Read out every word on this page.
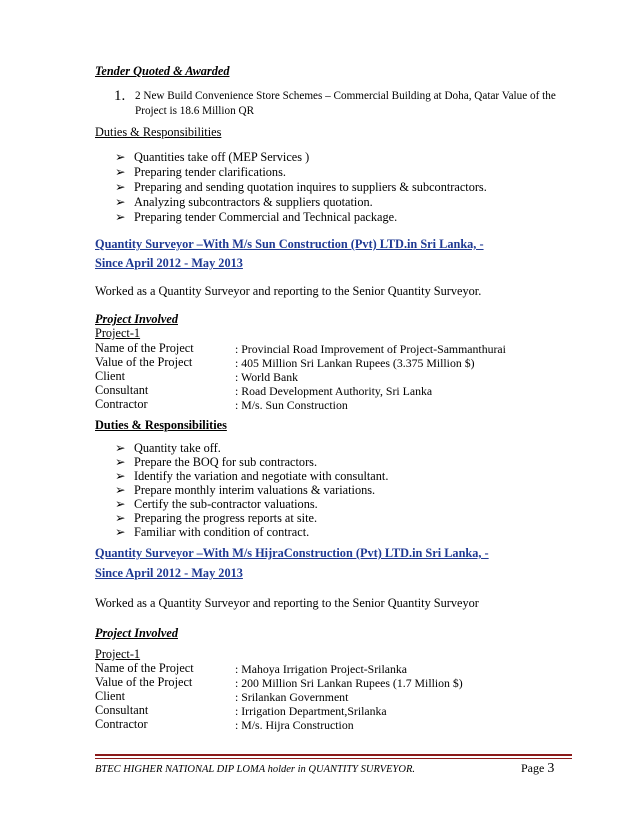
Tender Quoted & Awarded
1. 2 New Build Convenience Store Schemes – Commercial Building at Doha, Qatar Value of the
Project is 18.6 Million QR
Duties & Responsibilities
➢ Quantities take off (MEP Services )
➢ Preparing tender clarifications.
➢ Preparing and sending quotation inquires to suppliers & subcontractors.
➢ Analyzing subcontractors & suppliers quotation.
➢ Preparing tender Commercial and Technical package.
Quantity Surveyor –With M/s Sun Construction (Pvt) LTD.in Sri Lanka, -
Since April 2012 - May 2013
Worked as a Quantity Surveyor and reporting to the Senior Quantity Surveyor.
Project Involved
Project-1
Name of the Project	: Provincial Road Improvement of Project-Sammanthurai
Value of the Project	: 405 Million Sri Lankan Rupees (3.375 Million $)
Client	: World Bank
Consultant	: Road Development Authority, Sri Lanka
Contractor	: M/s. Sun Construction
Duties & Responsibilities
➢ Quantity take off.
➢ Prepare the BOQ for sub contractors.
➢ Identify the variation and negotiate with consultant.
➢ Prepare monthly interim valuations & variations.
➢ Certify the sub-contractor valuations.
➢ Preparing the progress reports at site.
➢ Familiar with condition of contract.
Quantity Surveyor –With M/s HijraConstruction (Pvt) LTD.in Sri Lanka, -
Since April 2012 - May 2013
Worked as a Quantity Surveyor and reporting to the Senior Quantity Surveyor
Project Involved
Project-1
Name of the Project	: Mahoya Irrigation Project-Srilanka
Value of the Project	: 200 Million Sri Lankan Rupees (1.7 Million $)
Client	: Srilankan Government
Consultant	: Irrigation Department,Srilanka
Contractor	: M/s. Hijra Construction
BTEC HIGHER NATIONAL DIP LOMA holder in QUANTITY SURVEYOR.	Page 3
